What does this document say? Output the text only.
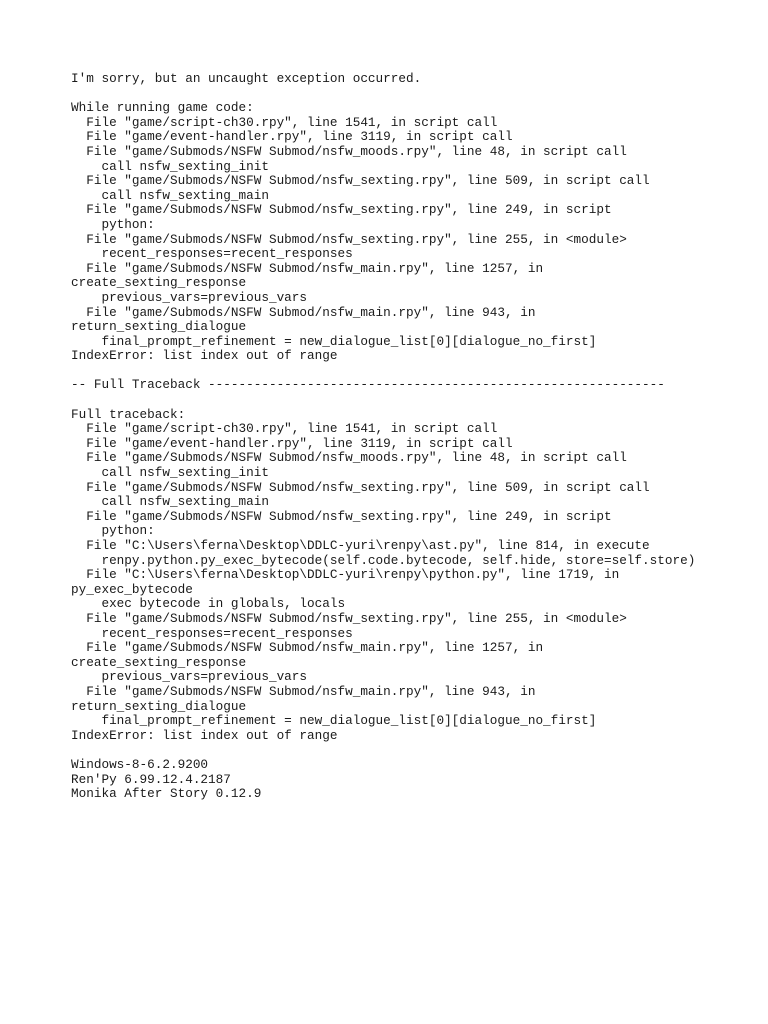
I'm sorry, but an uncaught exception occurred.

While running game code:
File "game/script-ch30.rpy", line 1541, in script call
File "game/event-handler.rpy", line 3119, in script call
File "game/Submods/NSFW Submod/nsfw_moods.rpy", line 48, in script call
call nsfw_sexting_init
File "game/Submods/NSFW Submod/nsfw_sexting.rpy", line 509, in script call
call nsfw_sexting_main
File "game/Submods/NSFW Submod/nsfw_sexting.rpy", line 249, in script
python:
File "game/Submods/NSFW Submod/nsfw_sexting.rpy", line 255, in <module>
recent_responses=recent_responses
File "game/Submods/NSFW Submod/nsfw_main.rpy", line 1257, in
create_sexting_response
previous_vars=previous_vars
File "game/Submods/NSFW Submod/nsfw_main.rpy", line 943, in
return_sexting_dialogue
final_prompt_refinement = new_dialogue_list[0][dialogue_no_first]
IndexError: list index out of range

-- Full Traceback ------------------------------------------------------------

Full traceback:
File "game/script-ch30.rpy", line 1541, in script call
File "game/event-handler.rpy", line 3119, in script call
File "game/Submods/NSFW Submod/nsfw_moods.rpy", line 48, in script call
call nsfw_sexting_init
File "game/Submods/NSFW Submod/nsfw_sexting.rpy", line 509, in script call
call nsfw_sexting_main
File "game/Submods/NSFW Submod/nsfw_sexting.rpy", line 249, in script
python:
File "C:\Users\ferna\Desktop\DDLC-yuri\renpy\ast.py", line 814, in execute
renpy.python.py_exec_bytecode(self.code.bytecode, self.hide, store=self.store)
File "C:\Users\ferna\Desktop\DDLC-yuri\renpy\python.py", line 1719, in
py_exec_bytecode
exec bytecode in globals, locals
File "game/Submods/NSFW Submod/nsfw_sexting.rpy", line 255, in <module>
recent_responses=recent_responses
File "game/Submods/NSFW Submod/nsfw_main.rpy", line 1257, in
create_sexting_response
previous_vars=previous_vars
File "game/Submods/NSFW Submod/nsfw_main.rpy", line 943, in
return_sexting_dialogue
final_prompt_refinement = new_dialogue_list[0][dialogue_no_first]
IndexError: list index out of range

Windows-8-6.2.9200
Ren'Py 6.99.12.4.2187
Monika After Story 0.12.9
